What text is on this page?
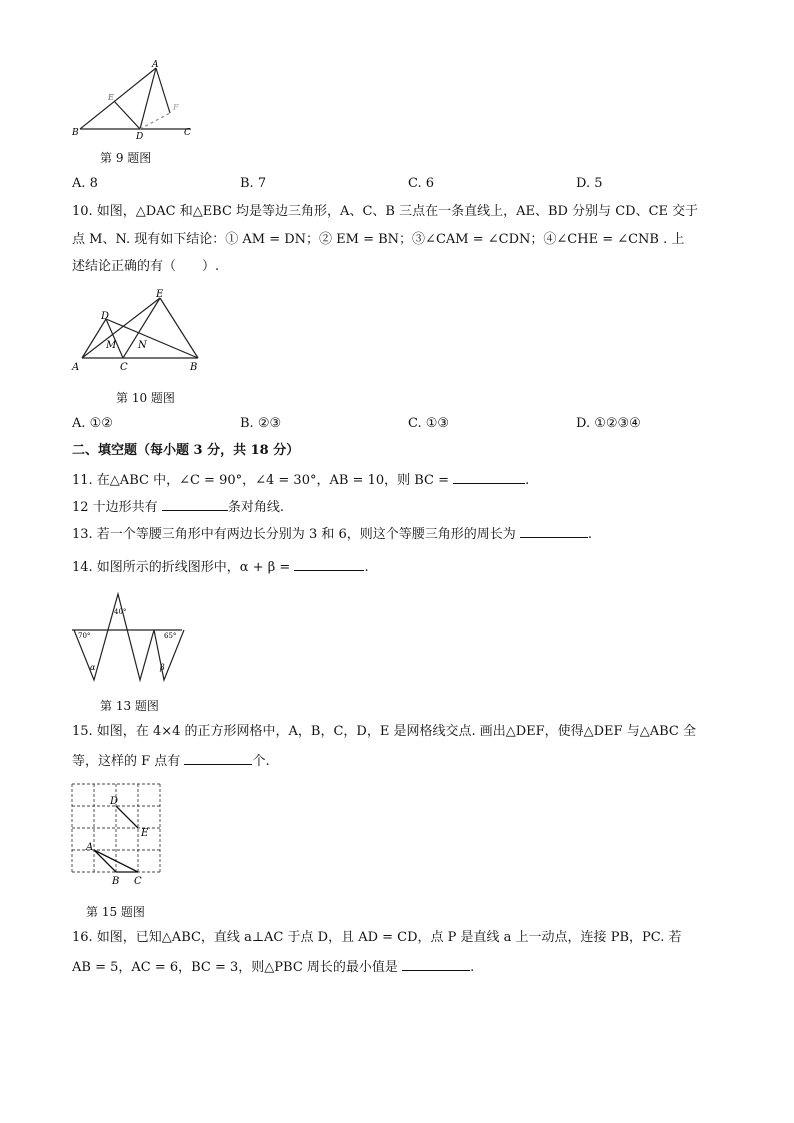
A
E
F
B	D	C
第 9 题图
A. 8	B. 7	C. 6	D. 5
10. 如图，△DAC 和△EBC 均是等边三角形，A、C、B 三点在一条直线上，AE、BD 分别与 CD、CE 交于
点 M、N. 现有如下结论：① AM = DN；② EM = BN；③∠CAM = ∠CDN；④∠CHE = ∠CNB . 上
述结论正确的有（　　）.
E
D
M N
A	C	B
第 10 题图
A. ①②	B. ②③	C. ①③	D. ①②③④
二、填空题（每小题 3 分，共 18 分）
11. 在△ABC 中，∠C = 90°，∠4 = 30°，AB = 10，则 BC =	.
12 十边形共有	条对角线.
13. 若一个等腰三角形中有两边长分别为 3 和 6，则这个等腰三角形的周长为	.
14. 如图所示的折线图形中，α + β =	.
40°
70°	65°
α	β
第 13 题图
15. 如图，在 4×4 的正方形网格中，A，B，C，D，E 是网格线交点. 画出△DEF，使得△DEF 与△ABC 全
等，这样的 F 点有	个.
D
E
A
B C
第 15 题图
16. 如图，已知△ABC，直线 a⊥AC 于点 D，且 AD = CD，点 P 是直线 a 上一动点，连接 PB，PC. 若
AB = 5，AC = 6，BC = 3，则△PBC 周长的最小值是	.
